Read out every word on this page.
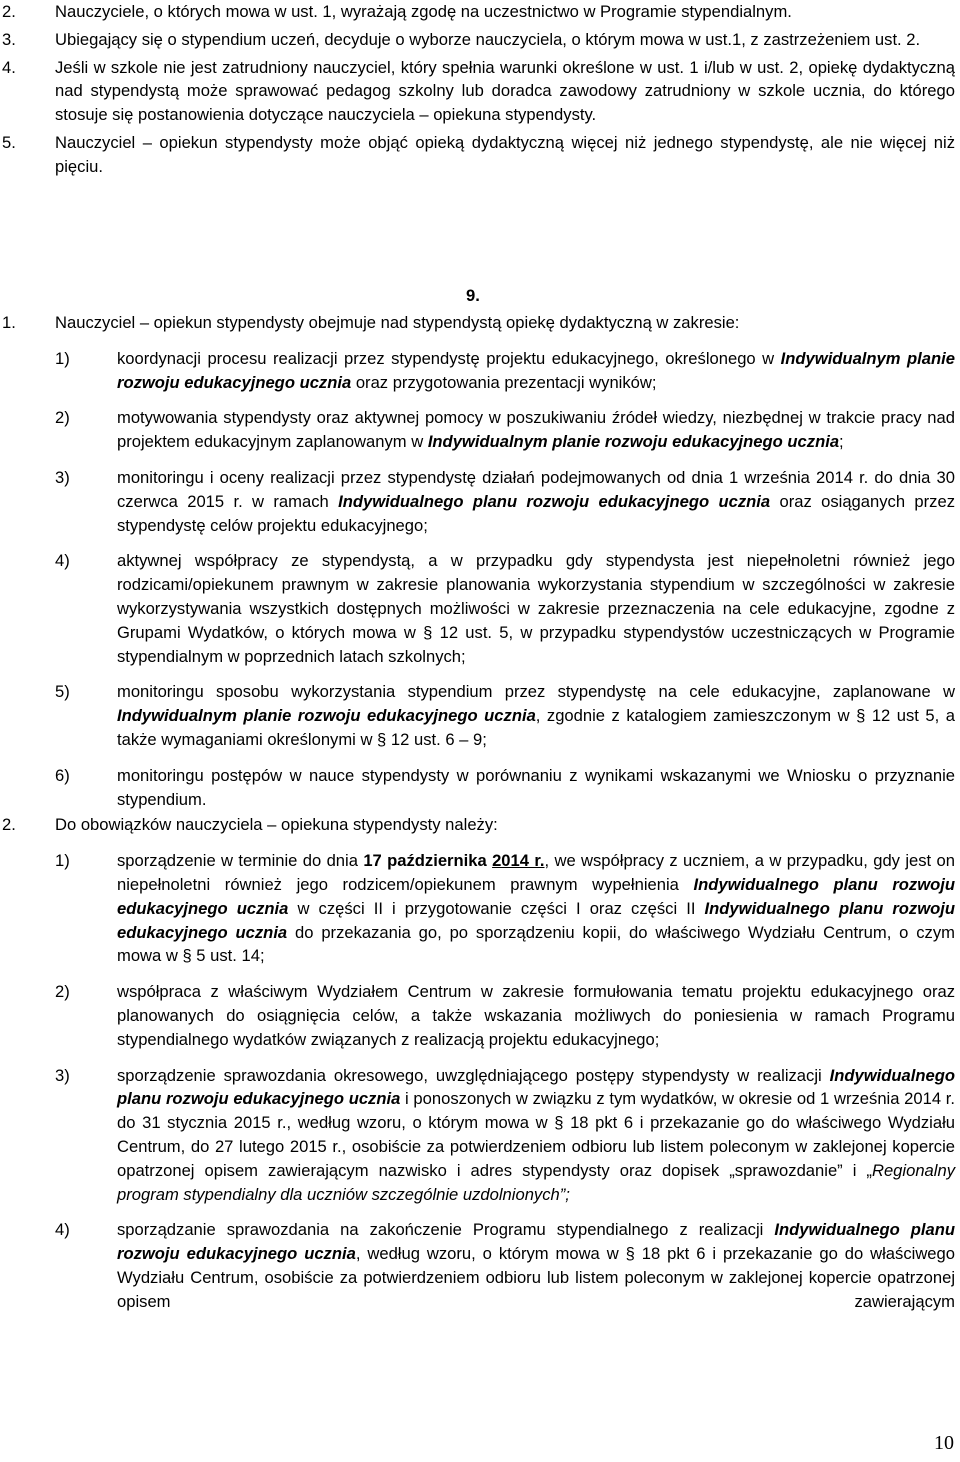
2.	Nauczyciele, o których mowa w ust. 1, wyrażają zgodę na uczestnictwo w Programie stypendialnym.
3.	Ubiegający się o stypendium uczeń, decyduje o wyborze nauczyciela, o którym mowa w ust.1, z zastrzeżeniem ust. 2.
4.	Jeśli w szkole nie jest zatrudniony nauczyciel, który spełnia warunki określone w ust. 1 i/lub w ust. 2, opiekę dydaktyczną nad stypendystą może sprawować pedagog szkolny lub doradca zawodowy zatrudniony w szkole ucznia, do którego stosuje się postanowienia dotyczące nauczyciela – opiekuna stypendysty.
5.	Nauczyciel – opiekun stypendysty może objąć opieką dydaktyczną więcej niż jednego stypendystę, ale nie więcej niż pięciu.
9.
1.	Nauczyciel – opiekun stypendysty obejmuje nad stypendystą opiekę dydaktyczną w zakresie:
1)	koordynacji procesu realizacji przez stypendystę projektu edukacyjnego, określonego w Indywidualnym planie rozwoju edukacyjnego ucznia oraz przygotowania prezentacji wyników;
2)	motywowania stypendysty oraz aktywnej pomocy w poszukiwaniu źródeł wiedzy, niezbędnej w trakcie pracy nad projektem edukacyjnym zaplanowanym w Indywidualnym planie rozwoju edukacyjnego ucznia;
3)	monitoringu i oceny realizacji przez stypendystę działań podejmowanych od dnia 1 września 2014 r. do dnia 30 czerwca 2015 r. w ramach Indywidualnego planu rozwoju edukacyjnego ucznia oraz osiąganych przez stypendystę celów projektu edukacyjnego;
4)	aktywnej współpracy ze stypendystą, a w przypadku gdy stypendysta jest niepełnoletni również jego rodzicami/opiekunem prawnym w zakresie planowania wykorzystania stypendium w szczególności w zakresie wykorzystywania wszystkich dostępnych możliwości w zakresie przeznaczenia na cele edukacyjne, zgodne z Grupami Wydatków, o których mowa w § 12 ust. 5, w przypadku stypendystów uczestniczących w Programie stypendialnym w poprzednich latach szkolnych;
5)	monitoringu sposobu wykorzystania stypendium przez stypendystę na cele edukacyjne, zaplanowane w Indywidualnym planie rozwoju edukacyjnego ucznia, zgodnie z katalogiem zamieszczonym w § 12 ust 5, a także wymaganiami określonymi w § 12 ust. 6 – 9;
6)	monitoringu postępów w nauce stypendysty w porównaniu z wynikami wskazanymi we Wniosku o przyznanie stypendium.
2.	Do obowiązków nauczyciela – opiekuna stypendysty należy:
1)	sporządzenie w terminie do dnia 17 października 2014 r., we współpracy z uczniem, a w przypadku, gdy jest on niepełnoletni również jego rodzicem/opiekunem prawnym wypełnienia Indywidualnego planu rozwoju edukacyjnego ucznia w części II i przygotowanie części I oraz części II Indywidualnego planu rozwoju edukacyjnego ucznia do przekazania go, po sporządzeniu kopii, do właściwego Wydziału Centrum, o czym mowa w § 5 ust. 14;
2)	współpraca z właściwym Wydziałem Centrum w zakresie formułowania tematu projektu edukacyjnego oraz planowanych do osiągnięcia celów, a także wskazania możliwych do poniesienia w ramach Programu stypendialnego wydatków związanych z realizacją projektu edukacyjnego;
3)	sporządzenie sprawozdania okresowego, uwzględniającego postępy stypendysty w realizacji Indywidualnego planu rozwoju edukacyjnego ucznia i ponoszonych w związku z tym wydatków, w okresie od 1 września 2014 r. do 31 stycznia 2015 r., według wzoru, o którym mowa w § 18 pkt 6 i przekazanie go do właściwego Wydziału Centrum, do 27 lutego 2015 r., osobiście za potwierdzeniem odbioru lub listem poleconym w zaklejonej kopercie opatrzonej opisem zawierającym nazwisko i adres stypendysty oraz dopisek „sprawozdanie” i „Regionalny program stypendialny dla uczniów szczególnie uzdolnionych”;
4)	sporządzanie sprawozdania na zakończenie Programu stypendialnego z realizacji Indywidualnego planu rozwoju edukacyjnego ucznia, według wzoru, o którym mowa w § 18 pkt 6 i przekazanie go do właściwego Wydziału Centrum, osobiście za potwierdzeniem odbioru lub listem poleconym w zaklejonej kopercie opatrzonej opisem zawierającym
10
